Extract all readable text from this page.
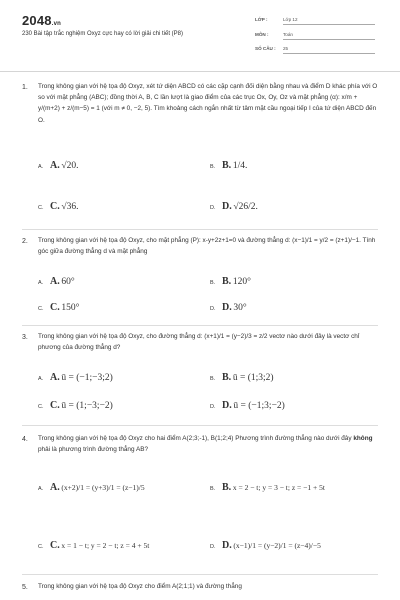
2048.vn
230 Bài tập trắc nghiệm Oxyz cực hay có lời giải chi tiết (P8)
LỚP :	Lớp 12
MÔN :	Toán
SỐ CÂU : 25
1. Trong không gian với hệ tọa độ Oxyz, xét tứ diện ABCD có các cặp cạnh đối diện bằng nhau và điểm D khác phía với O so với mặt phẳng (ABC); đồng thời A, B, C lần lượt là giao điểm của các trục Ox, Oy, Oz và mặt phẳng (α): x/m + y/(m+2) + z/(m−5) = 1 (với m ≠ 0, −2, 5). Tìm khoảng cách ngắn nhất từ tâm mặt cầu ngoại tiếp I của tứ diện ABCD đến O.
A. A. √20.	B. B. 1/4.
C. C. √36.	D. D. √26/2.
2. Trong không gian với hệ tọa độ Oxyz, cho mặt phẳng (P): x-y+2z+1=0 và đường thẳng d: (x−1)/1 = y/2 = (z+1)/−1. Tính góc giữa đường thẳng d và mặt phẳng
A. A. 60°	B. B. 120°
C. C. 150°	D. D. 30°
3. Trong không gian với hệ tọa độ Oxyz, cho đường thẳng d: (x+1)/1 = (y−2)/3 = z/2 vectơ nào dưới đây là vectơ chỉ phương của đường thẳng d?
A. A. ū = (−1;−3;2)	B. B. ū = (1;3;2)
C. C. ū = (1;−3;−2)	D. D. ū = (−1;3;−2)
4. Trong không gian với hệ tọa độ Oxyz cho hai điểm A(2;3;-1), B(1;2;4) Phương trình đường thẳng nào dưới đây không phải là phương trình đường thẳng AB?
A. A. (x+2)/1 = (y+3)/1 = (z−1)/5	B. B. x = 2 − t; y = 3 − t; z = −1 + 5t
C. C. x = 1 − t; y = 2 − t; z = 4 + 5t	D. D. (x−1)/1 = (y−2)/1 = (z−4)/−5
5. Trong không gian với hệ tọa độ Oxyz cho điểm A(2;1;1) và đường thẳng
